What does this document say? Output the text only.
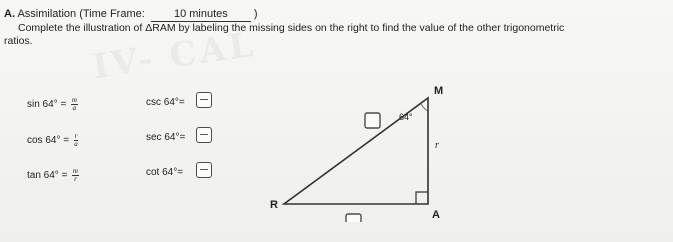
IV- CAL
A. Assimilation (Time Frame:	10 minutes )
Complete the illustration of ΔRAM by labeling the missing sides on the right to find the value of the other trigonometric
ratios.
$\sin 64^\circ = \frac{m}{a}$
$\cos 64^\circ = \frac{r}{a}$
$\tan 64^\circ = \frac{m}{r}$
csc 64°=
sec 64°=
cot 64°=
M
R
A
64°
r
